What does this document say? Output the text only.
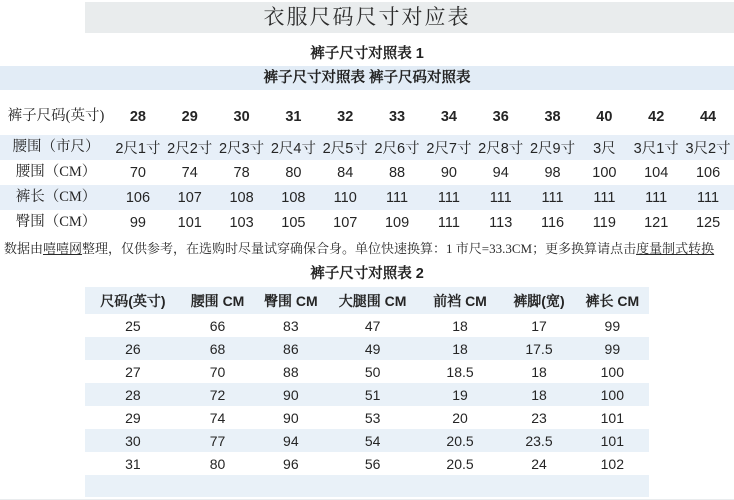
衣服尺码尺寸对应表
裤子尺寸对照表 1
裤子尺寸对照表 裤子尺码对照表
裤子尺码(英寸)	28	29	30	31	32	33	34	36	38	40	42	44
腰围（市尺）	2尺1寸	2尺2寸	2尺3寸	2尺4寸	2尺5寸	2尺6寸	2尺7寸	2尺8寸	2尺9寸	3尺	3尺1寸	3尺2寸
腰围（CM）	70	74	78	80	84	88	90	94	98	100	104	106
裤长（CM）	106	107	108	108	110	111	111	111	111	111	111	111
臀围（CM）	99	101	103	105	107	109	111	113	116	119	121	125
数据由嘻嘻网整理，仅供参考，在选购时尽量试穿确保合身。单位快速换算：1 市尺=33.3CM；更多换算请点击度量制式转换
裤子尺寸对照表 2
尺码(英寸)	腰围 CM	臀围 CM	大腿围 CM	前裆 CM	裤脚(宽)	裤长 CM
25	66	83	47	18	17	99
26	68	86	49	18	17.5	99
27	70	88	50	18.5	18	100
28	72	90	51	19	18	100
29	74	90	53	20	23	101
30	77	94	54	20.5	23.5	101
31	80	96	56	20.5	24	102
